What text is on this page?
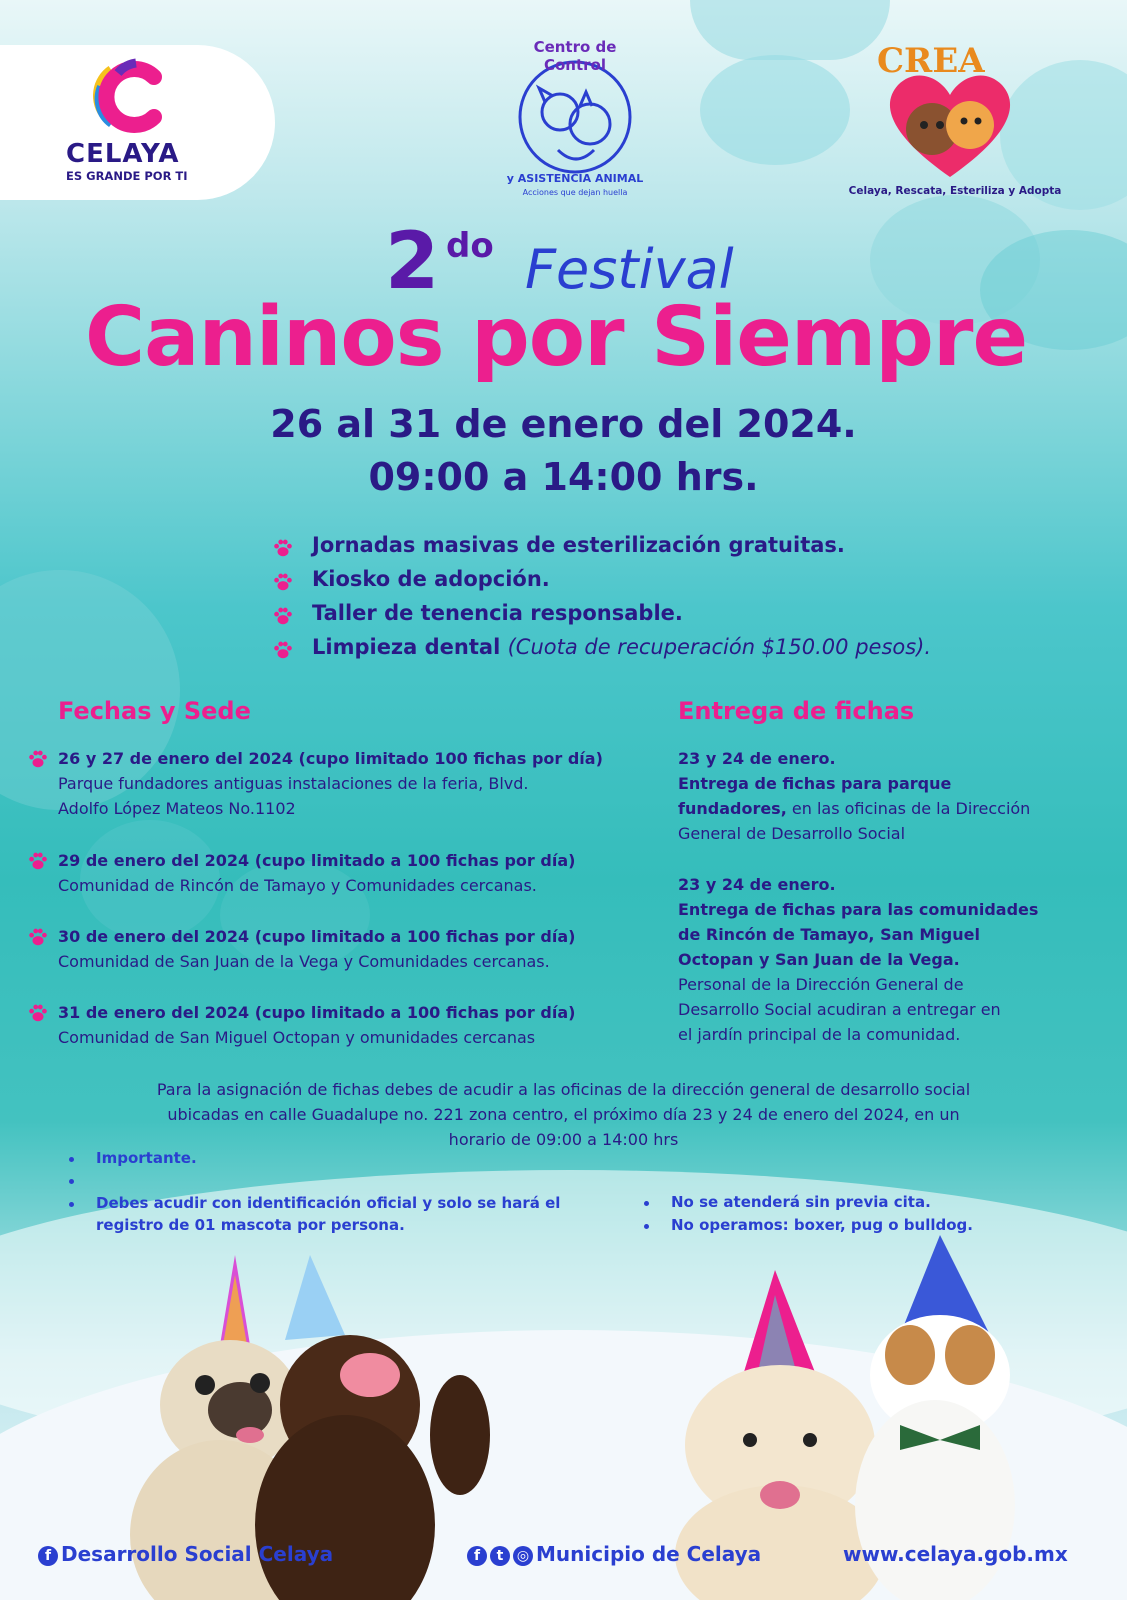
CELAYA
ES GRANDE POR TI
Centro de Control
y ASISTENCIA ANIMAL
Acciones que dejan huella
CREA
Celaya, Rescata, Esteriliza y Adopta
2 do Festival
Caninos por Siempre
26 al 31 de enero del 2024.
09:00 a 14:00 hrs.
Jornadas masivas de esterilización gratuitas.
Kiosko de adopción.
Taller de tenencia responsable.
Limpieza dental (Cuota de recuperación $150.00 pesos).
Fechas y Sede
26 y 27 de enero del 2024 (cupo limitado 100 fichas por día)
Parque fundadores antiguas instalaciones de la feria, Blvd.
Adolfo López Mateos No.1102
29 de enero del 2024 (cupo limitado a 100 fichas por día)
Comunidad de Rincón de Tamayo y Comunidades cercanas.
30 de enero del 2024 (cupo limitado a 100 fichas por día)
Comunidad de San Juan de la Vega y Comunidades cercanas.
31 de enero del 2024 (cupo limitado a 100 fichas por día)
Comunidad de San Miguel Octopan y omunidades cercanas
Entrega de fichas
23 y 24 de enero.
Entrega de fichas para parque
fundadores, en las oficinas de la Dirección
General de Desarrollo Social
23 y 24 de enero.
Entrega de fichas para las comunidades
de Rincón de Tamayo, San Miguel
Octopan y San Juan de la Vega.
Personal de la Dirección General de
Desarrollo Social acudiran a entregar en
el jardín principal de la comunidad.
Para la asignación de fichas debes de acudir a las oficinas de la dirección general de desarrollo social
ubicadas en calle Guadalupe no. 221 zona centro, el próximo día 23 y 24 de enero del 2024, en un
horario de 09:00 a 14:00 hrs
Importante.
Debes acudir con identificación oficial y solo se hará el
registro de 01 mascota por persona.
No se atenderá sin previa cita.
No operamos: boxer, pug o bulldog.
f Desarrollo Social Celaya	f t ◎ Municipio de Celaya	www.celaya.gob.mx
